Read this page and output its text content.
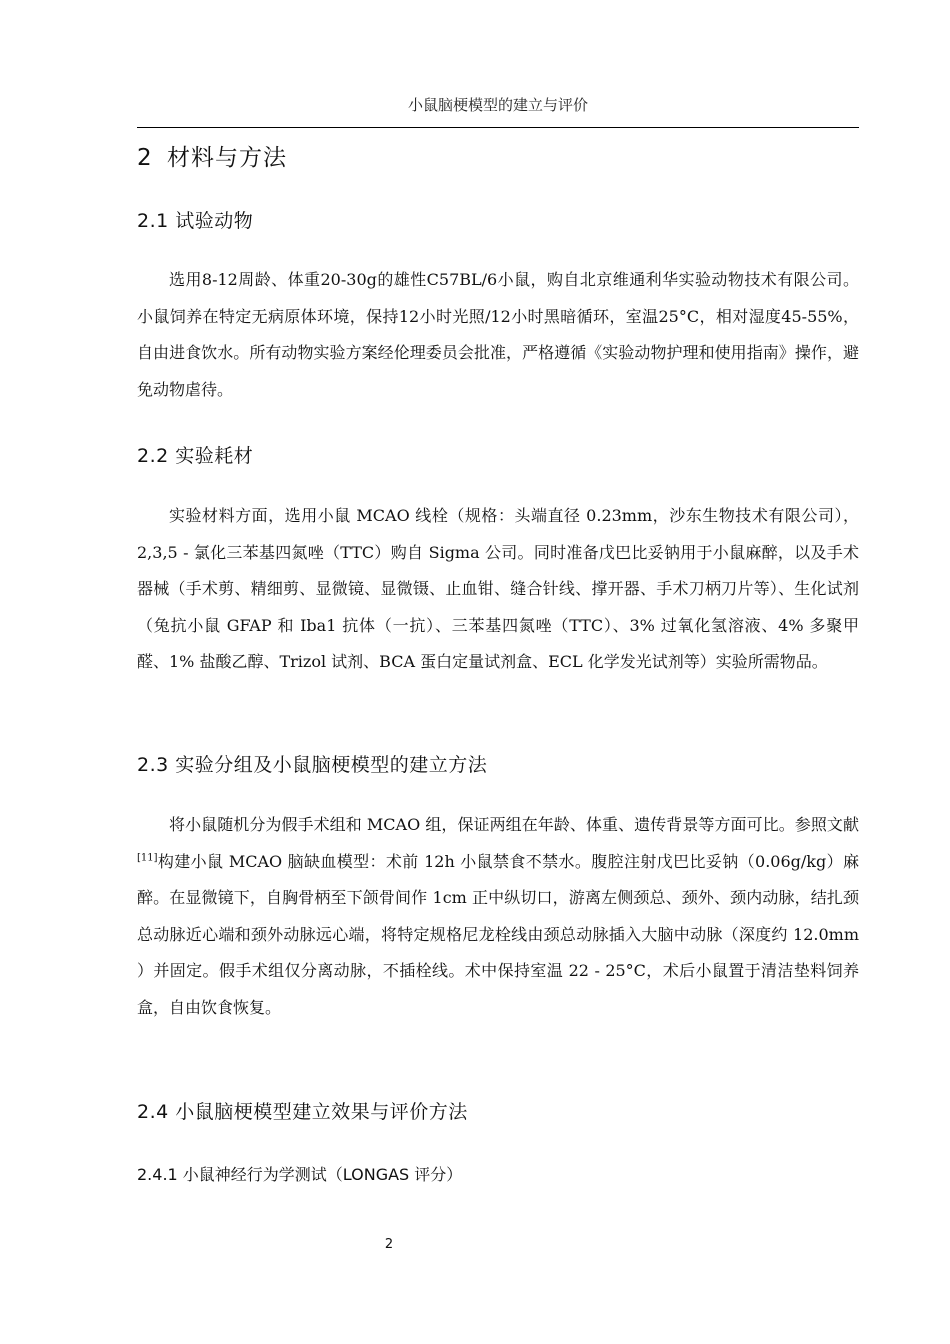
小鼠脑梗模型的建立与评价
2 材料与方法
2.1 试验动物

选用8-12周龄、体重20-30g的雄性C57BL/6小鼠，购自北京维通利华实验动物技术有限公司。小鼠饲养在特定无病原体环境，保持12小时光照/12小时黑暗循环，室温25°C，相对湿度45-55%，自由进食饮水。所有动物实验方案经伦理委员会批准，严格遵循《实验动物护理和使用指南》操作，避免动物虐待。

2.2 实验耗材

实验材料方面，选用小鼠 MCAO 线栓（规格：头端直径 0.23mm，沙东生物技术有限公司），2,3,5 - 氯化三苯基四氮唑（TTC）购自 Sigma 公司。同时准备戊巴比妥钠用于小鼠麻醉，以及手术器械（手术剪、精细剪、显微镜、显微镊、止血钳、缝合针线、撑开器、手术刀柄刀片等）、生化试剂（兔抗小鼠 GFAP 和 Iba1 抗体（一抗）、三苯基四氮唑（TTC）、3% 过氧化氢溶液、4% 多聚甲醛、1% 盐酸乙醇、Trizol 试剂、BCA 蛋白定量试剂盒、ECL 化学发光试剂等）实验所需物品。

2.3 实验分组及小鼠脑梗模型的建立方法

将小鼠随机分为假手术组和 MCAO 组，保证两组在年龄、体重、遗传背景等方面可比。参照文献[11]构建小鼠 MCAO 脑缺血模型：术前 12h 小鼠禁食不禁水。腹腔注射戊巴比妥钠（0.06g/kg）麻醉。在显微镜下，自胸骨柄至下颌骨间作 1cm 正中纵切口，游离左侧颈总、颈外、颈内动脉，结扎颈总动脉近心端和颈外动脉远心端，将特定规格尼龙栓线由颈总动脉插入大脑中动脉（深度约 12.0mm ）并固定。假手术组仅分离动脉，不插栓线。术中保持室温 22 - 25°C，术后小鼠置于清洁垫料饲养盒，自由饮食恢复。

2.4 小鼠脑梗模型建立效果与评价方法
2.4.1 小鼠神经行为学测试（LONGAS 评分）
2
